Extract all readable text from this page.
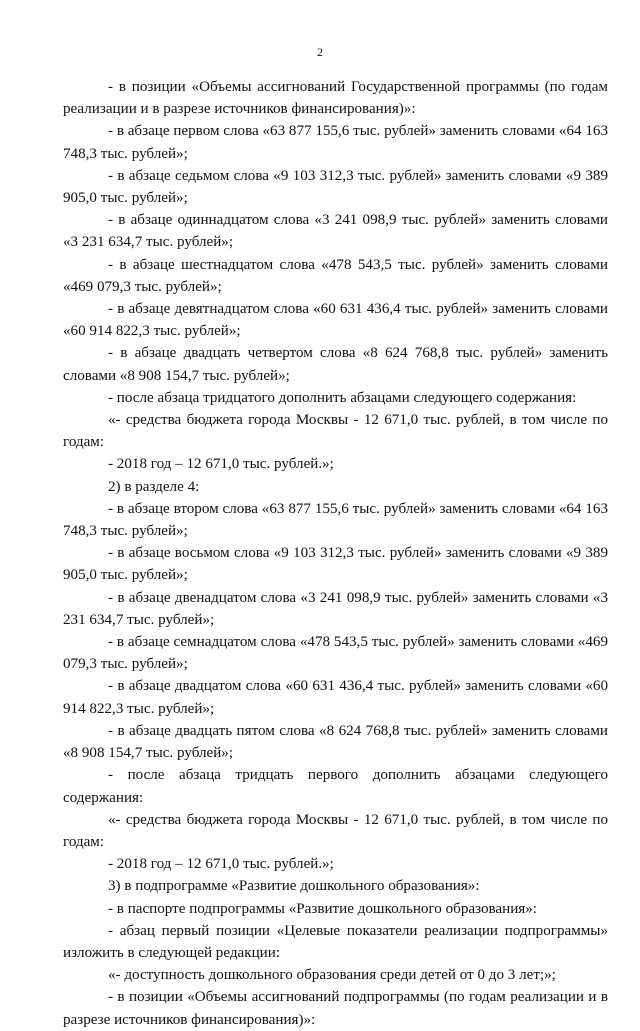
2

- в позиции «Объемы ассигнований Государственной программы (по годам реализации и в разрезе источников финансирования)»:

- в абзаце первом слова «63 877 155,6 тыс. рублей» заменить словами «64 163 748,3 тыс. рублей»;

- в абзаце седьмом слова «9 103 312,3 тыс. рублей» заменить словами «9 389 905,0 тыс. рублей»;

- в абзаце одиннадцатом слова «3 241 098,9 тыс. рублей» заменить словами «3 231 634,7 тыс. рублей»;

- в абзаце шестнадцатом слова «478 543,5 тыс. рублей» заменить словами «469 079,3 тыс. рублей»;

- в абзаце девятнадцатом слова «60 631 436,4 тыс. рублей» заменить словами «60 914 822,3 тыс. рублей»;

- в абзаце двадцать четвертом слова «8 624 768,8 тыс. рублей» заменить словами «8 908 154,7 тыс. рублей»;

- после абзаца тридцатого дополнить абзацами следующего содержания:

«- средства бюджета города Москвы - 12 671,0 тыс. рублей, в том числе по годам:

- 2018 год – 12 671,0 тыс. рублей.»;

2) в разделе 4:

- в абзаце втором слова «63 877 155,6 тыс. рублей» заменить словами «64 163 748,3 тыс. рублей»;

- в абзаце восьмом слова «9 103 312,3 тыс. рублей» заменить словами «9 389 905,0 тыс. рублей»;

- в абзаце двенадцатом слова «3 241 098,9 тыс. рублей» заменить словами «3 231 634,7 тыс. рублей»;

- в абзаце семнадцатом слова «478 543,5 тыс. рублей» заменить словами «469 079,3 тыс. рублей»;

- в абзаце двадцатом слова «60 631 436,4 тыс. рублей» заменить словами «60 914 822,3 тыс. рублей»;

- в абзаце двадцать пятом слова «8 624 768,8 тыс. рублей» заменить словами «8 908 154,7 тыс. рублей»;

- после абзаца тридцать первого дополнить абзацами следующего содержания:

«- средства бюджета города Москвы - 12 671,0 тыс. рублей, в том числе по годам:

- 2018 год – 12 671,0 тыс. рублей.»;

3) в подпрограмме «Развитие дошкольного образования»:

- в паспорте подпрограммы «Развитие дошкольного образования»:

- абзац первый позиции «Целевые показатели реализации подпрограммы» изложить в следующей редакции:

«- доступность дошкольного образования среди детей от 0 до 3 лет;»;

- в позиции «Объемы ассигнований подпрограммы (по годам реализации и в разрезе источников финансирования)»:
